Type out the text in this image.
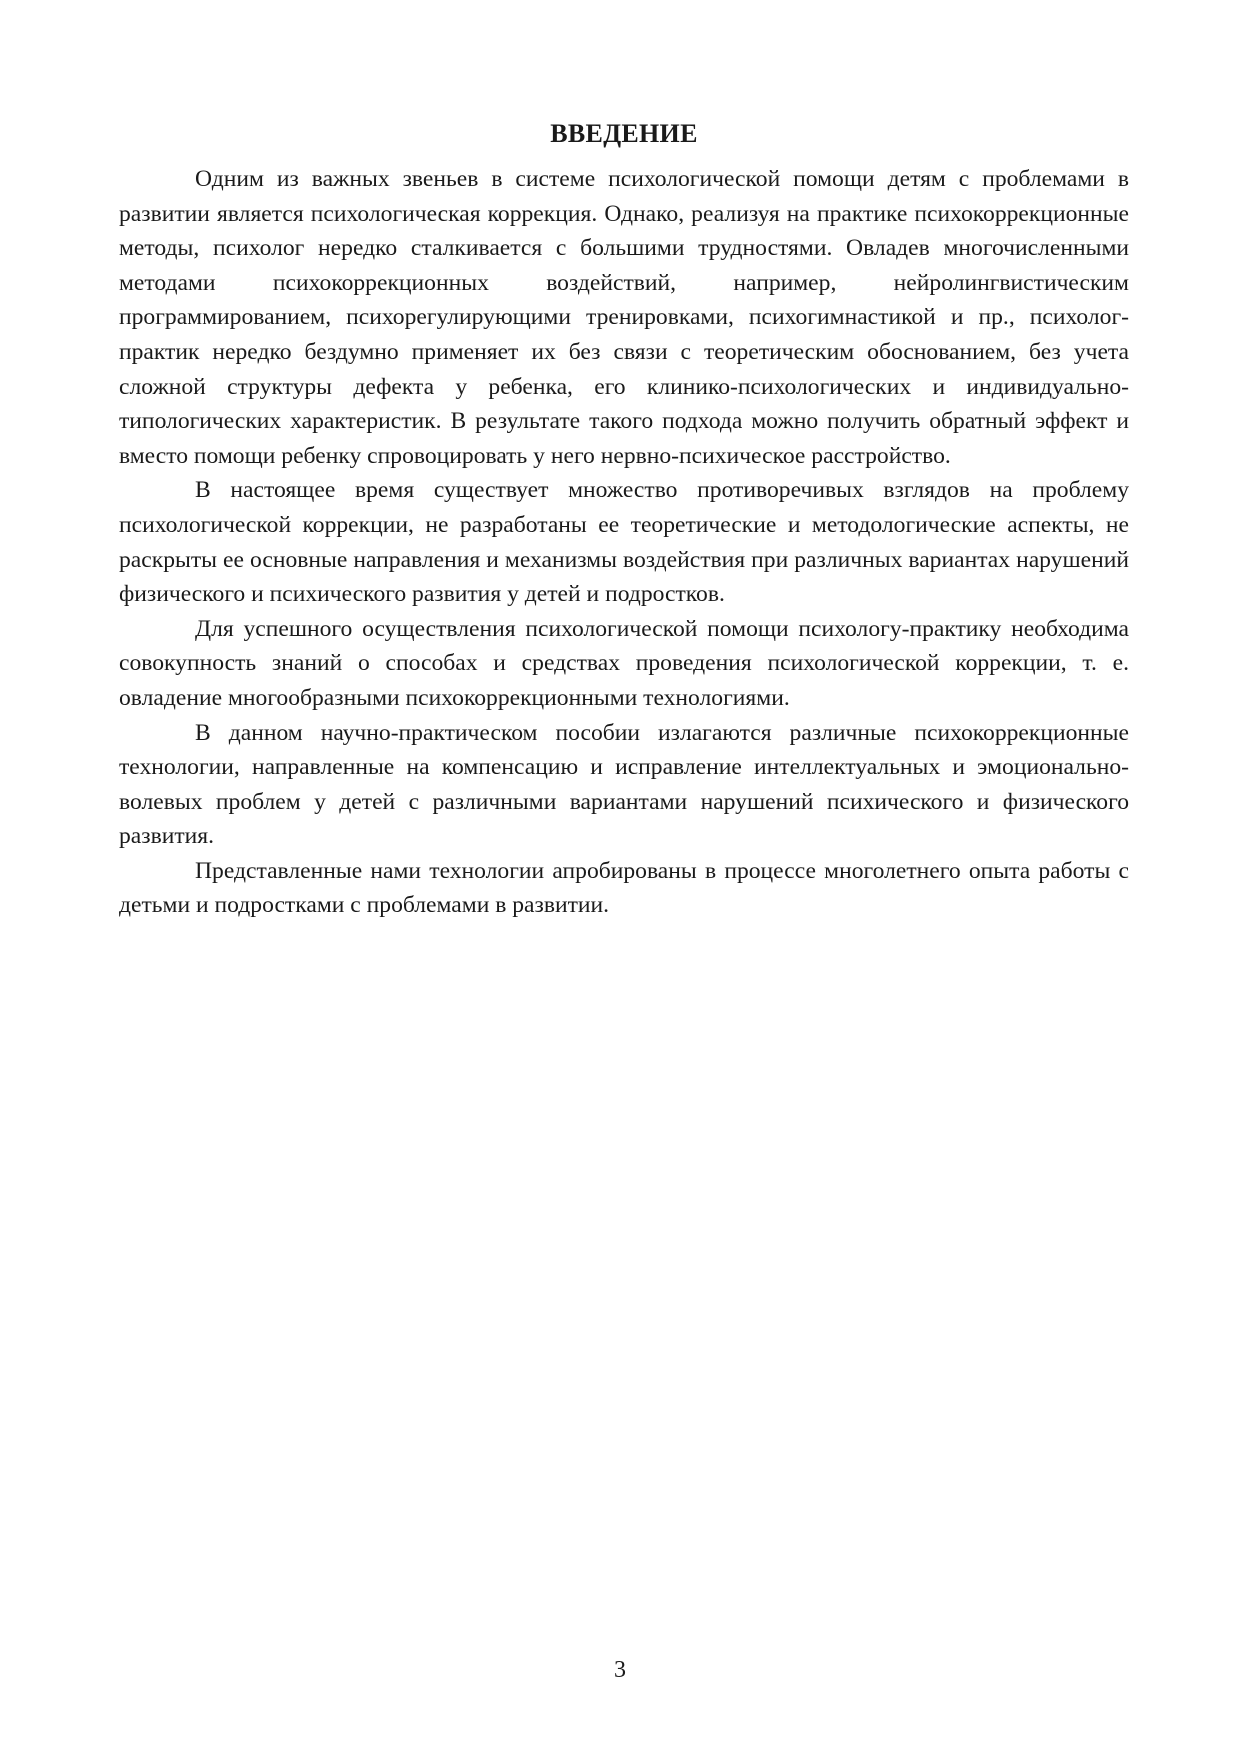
ВВЕДЕНИЕ

Одним из важных звеньев в системе психологической помощи детям с проблемами в развитии является психологическая коррекция. Однако, реализуя на практике психокоррекционные методы, психолог нередко сталкивается с большими трудностями. Овладев многочисленными методами психокоррекционных воздействий, например, нейролингвистическим программированием, психорегулирующими тренировками, психогимнастикой и пр., психолог-практик нередко бездумно применяет их без связи с теоретическим обоснованием, без учета сложной структуры дефекта у ребенка, его клинико-психологических и индивидуально-типологических характеристик. В результате такого подхода можно получить обратный эффект и вместо помощи ребенку спровоцировать у него нервно-психическое расстройство.

В настоящее время существует множество противоречивых взглядов на проблему психологической коррекции, не разработаны ее теоретические и методологические аспекты, не раскрыты ее основные направления и механизмы воздействия при различных вариантах нарушений физического и психического развития у детей и подростков.

Для успешного осуществления психологической помощи психологу-практику необходима совокупность знаний о способах и средствах проведения психологической коррекции, т. е. овладение многообразными психокоррекционными технологиями.

В данном научно-практическом пособии излагаются различные психокоррекционные технологии, направленные на компенсацию и исправление интеллектуальных и эмоционально-волевых проблем у детей с различными вариантами нарушений психического и физического развития.

Представленные нами технологии апробированы в процессе многолетнего опыта работы с детьми и подростками с проблемами в развитии.

3
